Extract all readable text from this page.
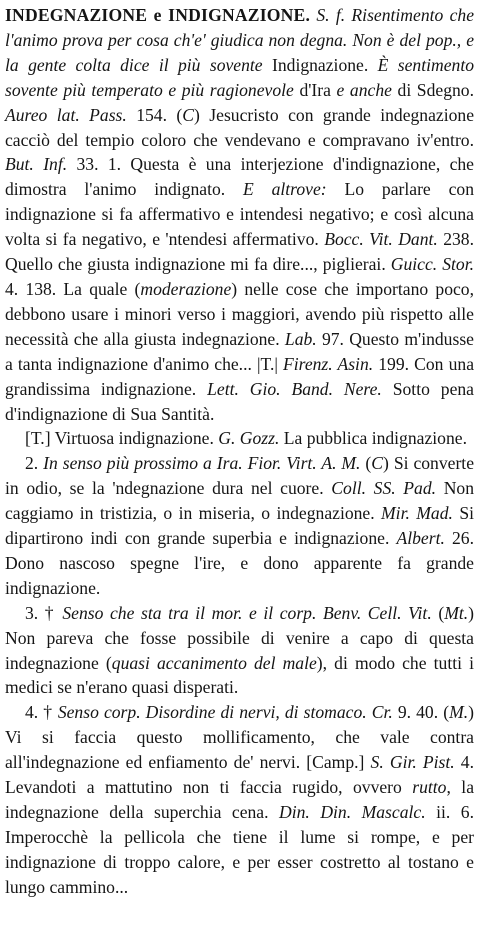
INDEGNAZIONE e INDIGNAZIONE. S. f. Risentimento che l'animo prova per cosa ch'e' giudica non degna. Non è del pop., e la gente colta dice il più sovente Indignazione. È sentimento sovente più temperato e più ragionevole d'Ira e anche di Sdegno. Aureo lat. Pass. 154. (C) Jesucristo con grande indegnazione cacciò del tempio coloro che vendevano e compravano iv'entro. But. Inf. 33. 1. Questa è una interjezione d'indignazione, che dimostra l'animo indignato. E altrove: Lo parlare con indignazione si fa affermativo e intendesi negativo; e così alcuna volta si fa negativo, e 'ntendesi affermativo. Bocc. Vit. Dant. 238. Quello che giusta indignazione mi fa dire..., piglierai. Guicc. Stor. 4. 138. La quale (moderazione) nelle cose che importano poco, debbono usare i minori verso i maggiori, avendo più rispetto alle necessità che alla giusta indegnazione. Lab. 97. Questo m'indusse a tanta indignazione d'animo che... |T.| Firenz. Asin. 199. Con una grandissima indignazione. Lett. Gio. Band. Nere. Sotto pena d'indignazione di Sua Santità.

[T.] Virtuosa indignazione. G. Gozz. La pubblica indignazione.

2. In senso più prossimo a Ira. Fior. Virt. A. M. (C) Si converte in odio, se la 'ndegnazione dura nel cuore. Coll. SS. Pad. Non caggiamo in tristizia, o in miseria, o indegnazione. Mir. Mad. Si dipartirono indi con grande superbia e indignazione. Albert. 26. Dono nascoso spegne l'ire, e dono apparente fa grande indignazione.

3. † Senso che sta tra il mor. e il corp. Benv. Cell. Vit. (Mt.) Non pareva che fosse possibile di venire a capo di questa indegnazione (quasi accanimento del male), di modo che tutti i medici se n'erano quasi disperati.

4. † Senso corp. Disordine di nervi, di stomaco. Cr. 9. 40. (M.) Vi si faccia questo mollificamento, che vale contra all'indegnazione ed enfiamento de' nervi. [Camp.] S. Gir. Pist. 4. Levandoti a mattutino non ti faccia rugido, ovvero rutto, la indegnazione della superchia cena. Din. Din. Mascalc. ii. 6. Imperocchè la pellicola che tiene il lume si rompe, e per indignazione di troppo calore, e per esser costretto al tostano e lungo cammino...
